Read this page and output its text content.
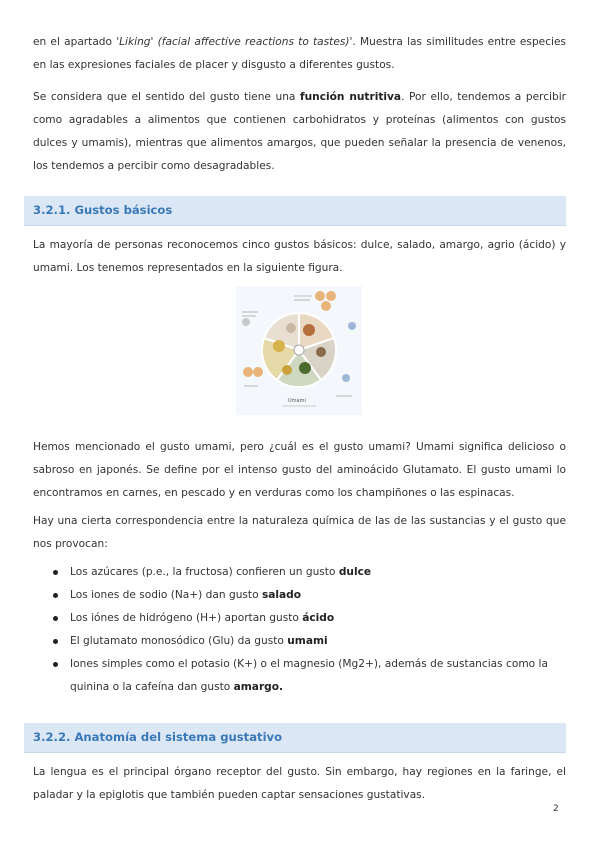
en el apartado 'Liking' (facial affective reactions to tastes)'. Muestra las similitudes entre especies en las expresiones faciales de placer y disgusto a diferentes gustos.

Se considera que el sentido del gusto tiene una función nutritiva. Por ello, tendemos a percibir como agradables a alimentos que contienen carbohidratos y proteínas (alimentos con gustos dulces y umamis), mientras que alimentos amargos, que pueden señalar la presencia de venenos, los tendemos a percibir como desagradables.

3.2.1. Gustos básicos

La mayoría de personas reconocemos cinco gustos básicos: dulce, salado, amargo, agrio (ácido) y umami. Los tenemos representados en la siguiente figura.

Umami

Hemos mencionado el gusto umami, pero ¿cuál es el gusto umami? Umami significa delicioso o sabroso en japonés. Se define por el intenso gusto del aminoácido Glutamato. El gusto umami lo encontramos en carnes, en pescado y en verduras como los champiñones o las espinacas.

Hay una cierta correspondencia entre la naturaleza química de las de las sustancias y el gusto que nos provocan:

Los azúcares (p.e., la fructosa) confieren un gusto dulce
Los iones de sodio (Na+) dan gusto salado
Los iónes de hidrógeno (H+) aportan gusto ácido
El glutamato monosódico (Glu) da gusto umami
Iones simples como el potasio (K+) o el magnesio (Mg2+), además de sustancias como la quinina o la cafeína dan gusto amargo.
3.2.2. Anatomía del sistema gustativo

La lengua es el principal órgano receptor del gusto. Sin embargo, hay regiones en la faringe, el paladar y la epiglotis que también pueden captar sensaciones gustativas.

2
